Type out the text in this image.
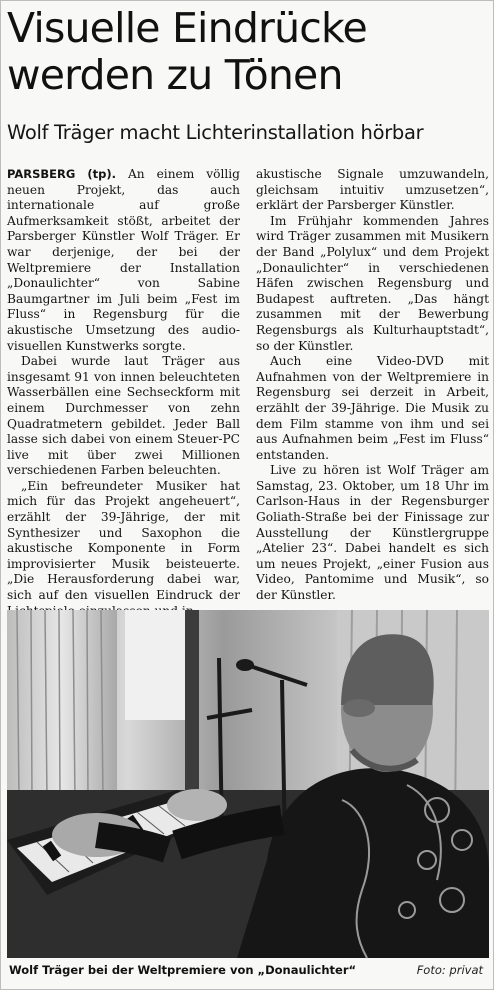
Visuelle Eindrücke
werden zu Tönen
Wolf Träger macht Lichterinstallation hörbar

PARSBERG (tp). An einem völlig neuen Projekt, das auch internationale auf große Aufmerksamkeit stößt, arbeitet der Parsberger Künstler Wolf Träger. Er war derjenige, der bei der Weltpremiere der Installation „Donaulichter“ von Sabine Baumgartner im Juli beim „Fest im Fluss“ in Regensburg für die akustische Umsetzung des audio-visuellen Kunstwerks sorgte.

Dabei wurde laut Träger aus insgesamt 91 von innen beleuchteten Wasserbällen eine Sechseckform mit einem Durchmesser von zehn Quadratmetern gebildet. Jeder Ball lasse sich dabei von einem Steuer-PC live mit über zwei Millionen verschiedenen Farben beleuchten.

„Ein befreundeter Musiker hat mich für das Projekt angeheuert“, erzählt der 39-Jährige, der mit Synthesizer und Saxophon die akustische Komponente in Form improvisierter Musik beisteuerte. „Die Herausforderung dabei war, sich auf den visuellen Eindruck der

akustische Signale umzuwandeln, gleichsam intuitiv umzusetzen“, erklärt der Parsberger Künstler.

Im Frühjahr kommenden Jahres wird Träger zusammen mit Musikern der Band „Polylux“ und dem Projekt „Donaulichter“ in verschiedenen Häfen zwischen Regensburg und Budapest auftreten. „Das hängt zusammen mit der Bewerbung Regensburgs als Kulturhauptstadt“, so der Künstler.

Auch eine Video-DVD mit Aufnahmen von der Weltpremiere in Regensburg sei derzeit in Arbeit, erzählt der 39-Jährige. Die Musik zu dem Film stamme von ihm und sei aus Aufnahmen beim „Fest im Fluss“ entstanden.

Live zu hören ist Wolf Träger am Samstag, 23. Oktober, um 18 Uhr im Carlson-Haus in der Regensburger Goliath-Straße bei der Finissage zur Ausstellung der Künstlergruppe „Atelier 23“. Dabei handelt es sich um neues Projekt, „einer Fusion aus Video, Pantomime und Musik“, so der Künstler.

Wolf Träger bei der Weltpremiere von „Donaulichter“	Foto: privat
